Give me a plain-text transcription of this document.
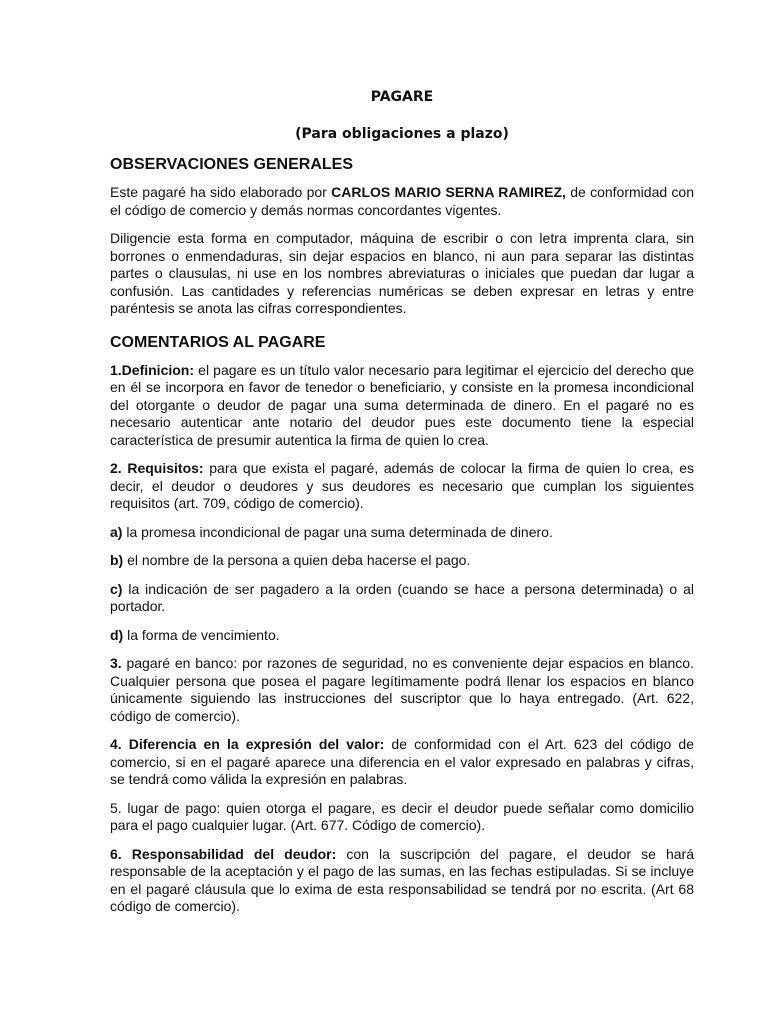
PAGARE
(Para obligaciones a plazo)
OBSERVACIONES GENERALES

Este pagaré ha sido elaborado por CARLOS MARIO SERNA RAMIREZ, de conformidad con el código de comercio y demás normas concordantes vigentes.

Diligencie esta forma en computador, máquina de escribir o con letra imprenta clara, sin borrones o enmendaduras, sin dejar espacios en blanco, ni aun para separar las distintas partes o clausulas, ni use en los nombres abreviaturas o iniciales que puedan dar lugar a confusión. Las cantidades y referencias numéricas se deben expresar en letras y entre paréntesis se anota las cifras correspondientes.

COMENTARIOS AL PAGARE

1.Definicion: el pagare es un título valor necesario para legitimar el ejercicio del derecho que en él se incorpora en favor de tenedor o beneficiario, y consiste en la promesa incondicional del otorgante o deudor de pagar una suma determinada de dinero. En el pagaré no es necesario autenticar ante notario del deudor pues este documento tiene la especial característica de presumir autentica la firma de quien lo crea.

2. Requisitos: para que exista el pagaré, además de colocar la firma de quien lo crea, es decir, el deudor o deudores y sus deudores es necesario que cumplan los siguientes requisitos (art. 709, código de comercio).

a) la promesa incondicional de pagar una suma determinada de dinero.

b) el nombre de la persona a quien deba hacerse el pago.

c) la indicación de ser pagadero a la orden (cuando se hace a persona determinada) o al portador.

d) la forma de vencimiento.

3. pagaré en banco: por razones de seguridad, no es conveniente dejar espacios en blanco. Cualquier persona que posea el pagare legítimamente podrá llenar los espacios en blanco únicamente siguiendo las instrucciones del suscriptor que lo haya entregado. (Art. 622, código de comercio).

4. Diferencia en la expresión del valor: de conformidad con el Art. 623 del código de comercio, si en el pagaré aparece una diferencia en el valor expresado en palabras y cifras, se tendrá como válida la expresión en palabras.

5. lugar de pago: quien otorga el pagare, es decir el deudor puede señalar como domicilio para el pago cualquier lugar. (Art. 677. Código de comercio).

6. Responsabilidad del deudor: con la suscripción del pagare, el deudor se hará responsable de la aceptación y el pago de las sumas, en las fechas estipuladas. Si se incluye en el pagaré cláusula que lo exima de esta responsabilidad se tendrá por no escrita. (Art 68 código de comercio).
